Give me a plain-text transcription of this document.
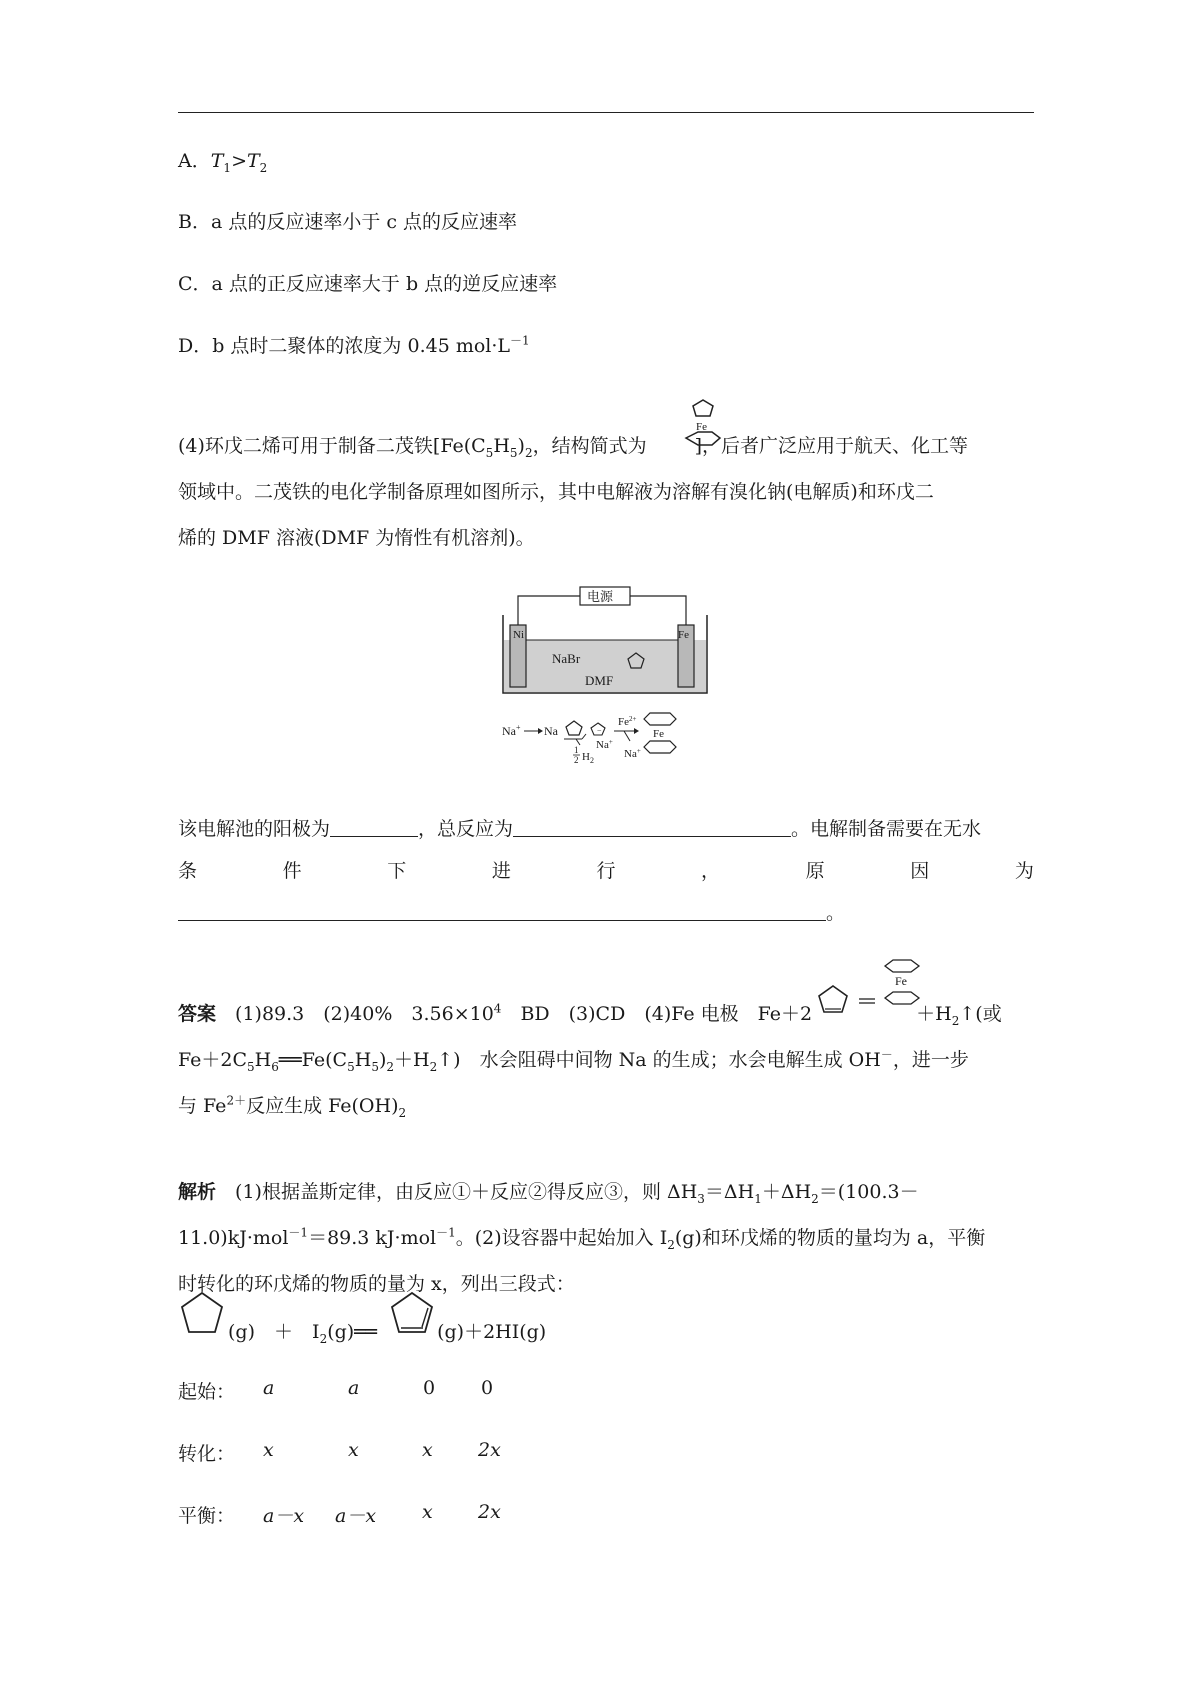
A．$T_1>T_2$
B．a 点的反应速率小于 c 点的反应速率
C．a 点的正反应速率大于 b 点的逆反应速率
D．b 点时二聚体的浓度为 0.45 $mol\cdot L^{-1}$
(4)环戊二烯可用于制备二茂铁[$Fe(C_5H_5)_2$，结构简式为	]，后者广泛应用于航天、化工等
Fe
领域中。二茂铁的电化学制备原理如图所示，其中电解液为溶解有溴化钠(电解质)和环戊二
烯的 DMF 溶液(DMF 为惰性有机溶剂)。
电源
Ni	Fe
NaBr
DMF
Na+ Na
1
2 $H_2$
−
Na+
$Fe^{2+}$
Na+
Fe
该电解池的阳极为	，总反应为	。电解制备需要在无水
条	件	下	进	行	，	原	因	为
。
答案　 (1)89.3　(2)40%　$3.56\times 10^4$　BD　(3)CD　(4)Fe 电极　Fe＋2	$+H_2↑$(或
Fe
$Fe+2C_5H_6══Fe(C_5H_5)_2+H_2↑$)　水会阻碍中间物 Na 的生成；水会电解生成 OH－，进一步
与 $Fe^{2+}$反应生成 $Fe(OH)_2$
解析　 (1)根据盖斯定律，由反应①＋反应②得反应③，则 $\Delta H_3=\Delta H_1+\Delta H_2=(100.3-$
11.0)kJ·mol$^{-1}$＝89.3 kJ·mol$^{-1}$。(2)设容器中起始加入 $I_2(g)$和环戊烯的物质的量均为 a，平衡
时转化的环戊烯的物质的量为 x，列出三段式：
(g)　 ＋　 $I_2(g)══$	(g)＋2HI(g)
起始： a	a	0 0
转化： x	x	x 2x
平衡： a－x a－x x 2x
